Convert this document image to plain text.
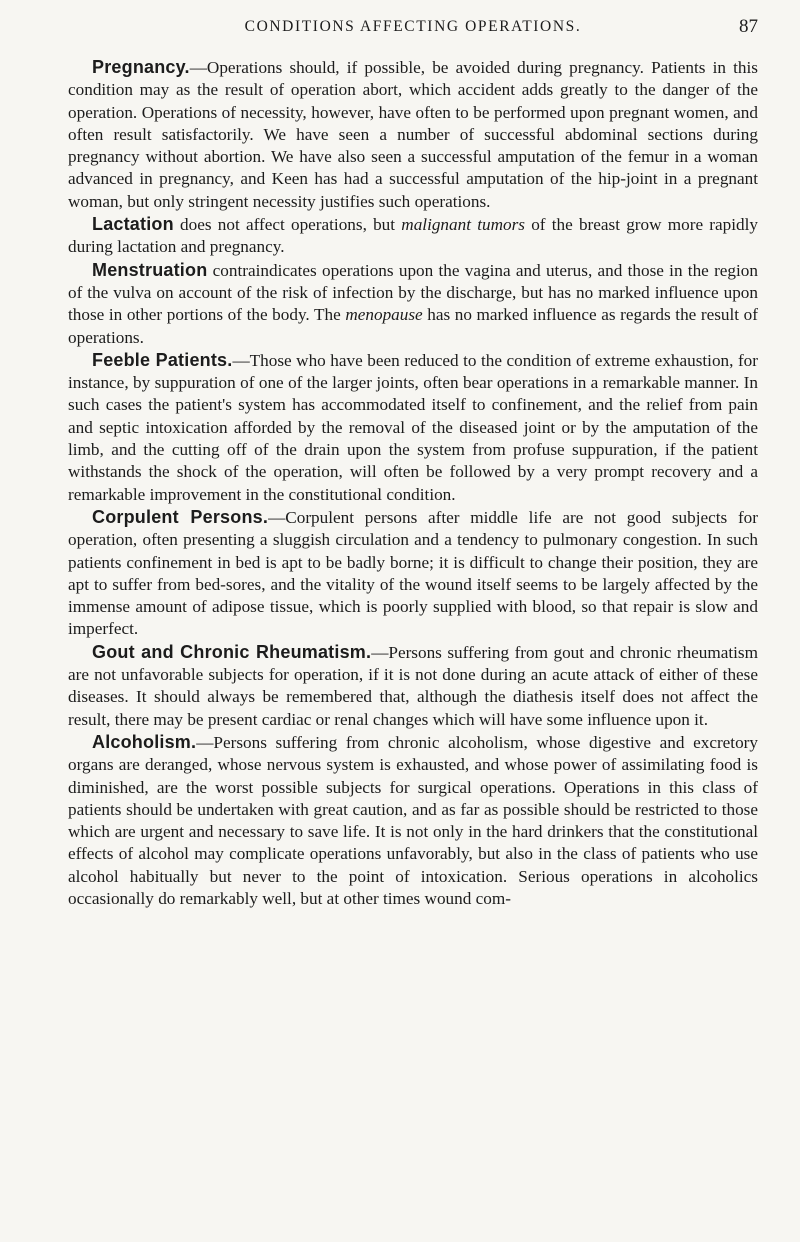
CONDITIONS AFFECTING OPERATIONS.	87

Pregnancy.—Operations should, if possible, be avoided during pregnancy. Patients in this condition may as the result of operation abort, which accident adds greatly to the danger of the operation. Operations of necessity, however, have often to be performed upon pregnant women, and often result satisfactorily. We have seen a number of successful abdominal sections during pregnancy without abortion. We have also seen a successful amputation of the femur in a woman advanced in pregnancy, and Keen has had a successful amputation of the hip-joint in a pregnant woman, but only stringent necessity justifies such operations.

Lactation does not affect operations, but malignant tumors of the breast grow more rapidly during lactation and pregnancy.

Menstruation contraindicates operations upon the vagina and uterus, and those in the region of the vulva on account of the risk of infection by the discharge, but has no marked influence upon those in other portions of the body. The menopause has no marked influence as regards the result of operations.

Feeble Patients.—Those who have been reduced to the condition of extreme exhaustion, for instance, by suppuration of one of the larger joints, often bear operations in a remarkable manner. In such cases the patient's system has accommodated itself to confinement, and the relief from pain and septic intoxication afforded by the removal of the diseased joint or by the amputation of the limb, and the cutting off of the drain upon the system from profuse suppuration, if the patient withstands the shock of the operation, will often be followed by a very prompt recovery and a remarkable improvement in the constitutional condition.

Corpulent Persons.—Corpulent persons after middle life are not good subjects for operation, often presenting a sluggish circulation and a tendency to pulmonary congestion. In such patients confinement in bed is apt to be badly borne; it is difficult to change their position, they are apt to suffer from bed-sores, and the vitality of the wound itself seems to be largely affected by the immense amount of adipose tissue, which is poorly supplied with blood, so that repair is slow and imperfect.

Gout and Chronic Rheumatism.—Persons suffering from gout and chronic rheumatism are not unfavorable subjects for operation, if it is not done during an acute attack of either of these diseases. It should always be remembered that, although the diathesis itself does not affect the result, there may be present cardiac or renal changes which will have some influence upon it.

Alcoholism.—Persons suffering from chronic alcoholism, whose digestive and excretory organs are deranged, whose nervous system is exhausted, and whose power of assimilating food is diminished, are the worst possible subjects for surgical operations. Operations in this class of patients should be undertaken with great caution, and as far as possible should be restricted to those which are urgent and necessary to save life. It is not only in the hard drinkers that the constitutional effects of alcohol may complicate operations unfavorably, but also in the class of patients who use alcohol habitually but never to the point of intoxication. Serious operations in alcoholics occasionally do remarkably well, but at other times wound com-
